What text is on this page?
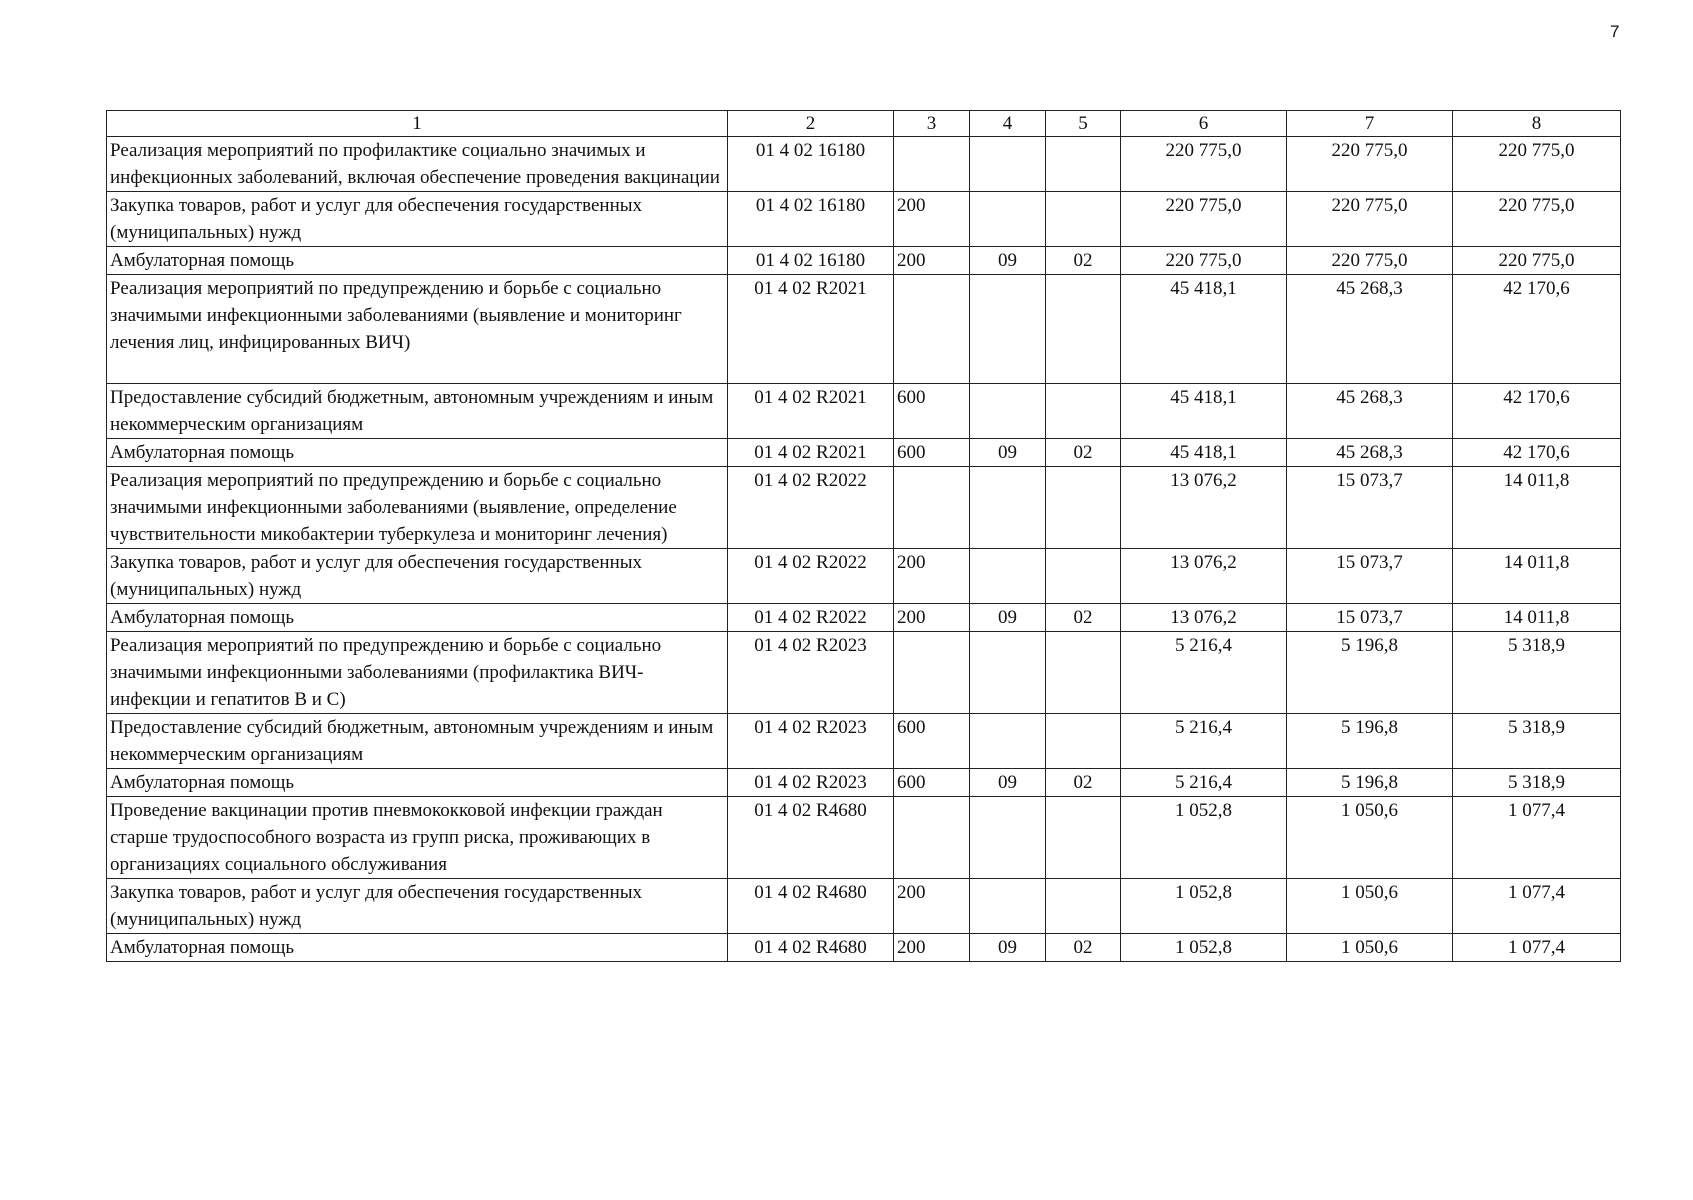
7
1	2	3	4	5	6	7	8
Реализация мероприятий по профилактике социально значимых и инфекционных заболеваний, включая обеспечение проведения вакцинации	01 4 02 16180				220 775,0	220 775,0	220 775,0
Закупка товаров, работ и услуг для обеспечения государственных (муниципальных) нужд	01 4 02 16180	200			220 775,0	220 775,0	220 775,0
Амбулаторная помощь	01 4 02 16180	200	09	02	220 775,0	220 775,0	220 775,0
Реализация мероприятий по предупреждению и борьбе с социально значимыми инфекционными заболеваниями (выявление и мониторинг лечения лиц, инфицированных ВИЧ)	01 4 02 R2021				45 418,1	45 268,3	42 170,6
Предоставление субсидий бюджетным, автономным учреждениям и иным некоммерческим организациям	01 4 02 R2021	600			45 418,1	45 268,3	42 170,6
Амбулаторная помощь	01 4 02 R2021	600	09	02	45 418,1	45 268,3	42 170,6
Реализация мероприятий по предупреждению и борьбе с социально значимыми инфекционными заболеваниями (выявление, определение чувствительности микобактерии туберкулеза и мониторинг лечения)	01 4 02 R2022				13 076,2	15 073,7	14 011,8
Закупка товаров, работ и услуг для обеспечения государственных (муниципальных) нужд	01 4 02 R2022	200			13 076,2	15 073,7	14 011,8
Амбулаторная помощь	01 4 02 R2022	200	09	02	13 076,2	15 073,7	14 011,8
Реализация мероприятий по предупреждению и борьбе с социально значимыми инфекционными заболеваниями (профилактика ВИЧ-инфекции и гепатитов В и С)	01 4 02 R2023				5 216,4	5 196,8	5 318,9
Предоставление субсидий бюджетным, автономным учреждениям и иным некоммерческим организациям	01 4 02 R2023	600			5 216,4	5 196,8	5 318,9
Амбулаторная помощь	01 4 02 R2023	600	09	02	5 216,4	5 196,8	5 318,9
Проведение вакцинации против пневмококковой инфекции граждан старше трудоспособного возраста из групп риска, проживающих в организациях социального обслуживания	01 4 02 R4680				1 052,8	1 050,6	1 077,4
Закупка товаров, работ и услуг для обеспечения государственных (муниципальных) нужд	01 4 02 R4680	200			1 052,8	1 050,6	1 077,4
Амбулаторная помощь	01 4 02 R4680	200	09	02	1 052,8	1 050,6	1 077,4
